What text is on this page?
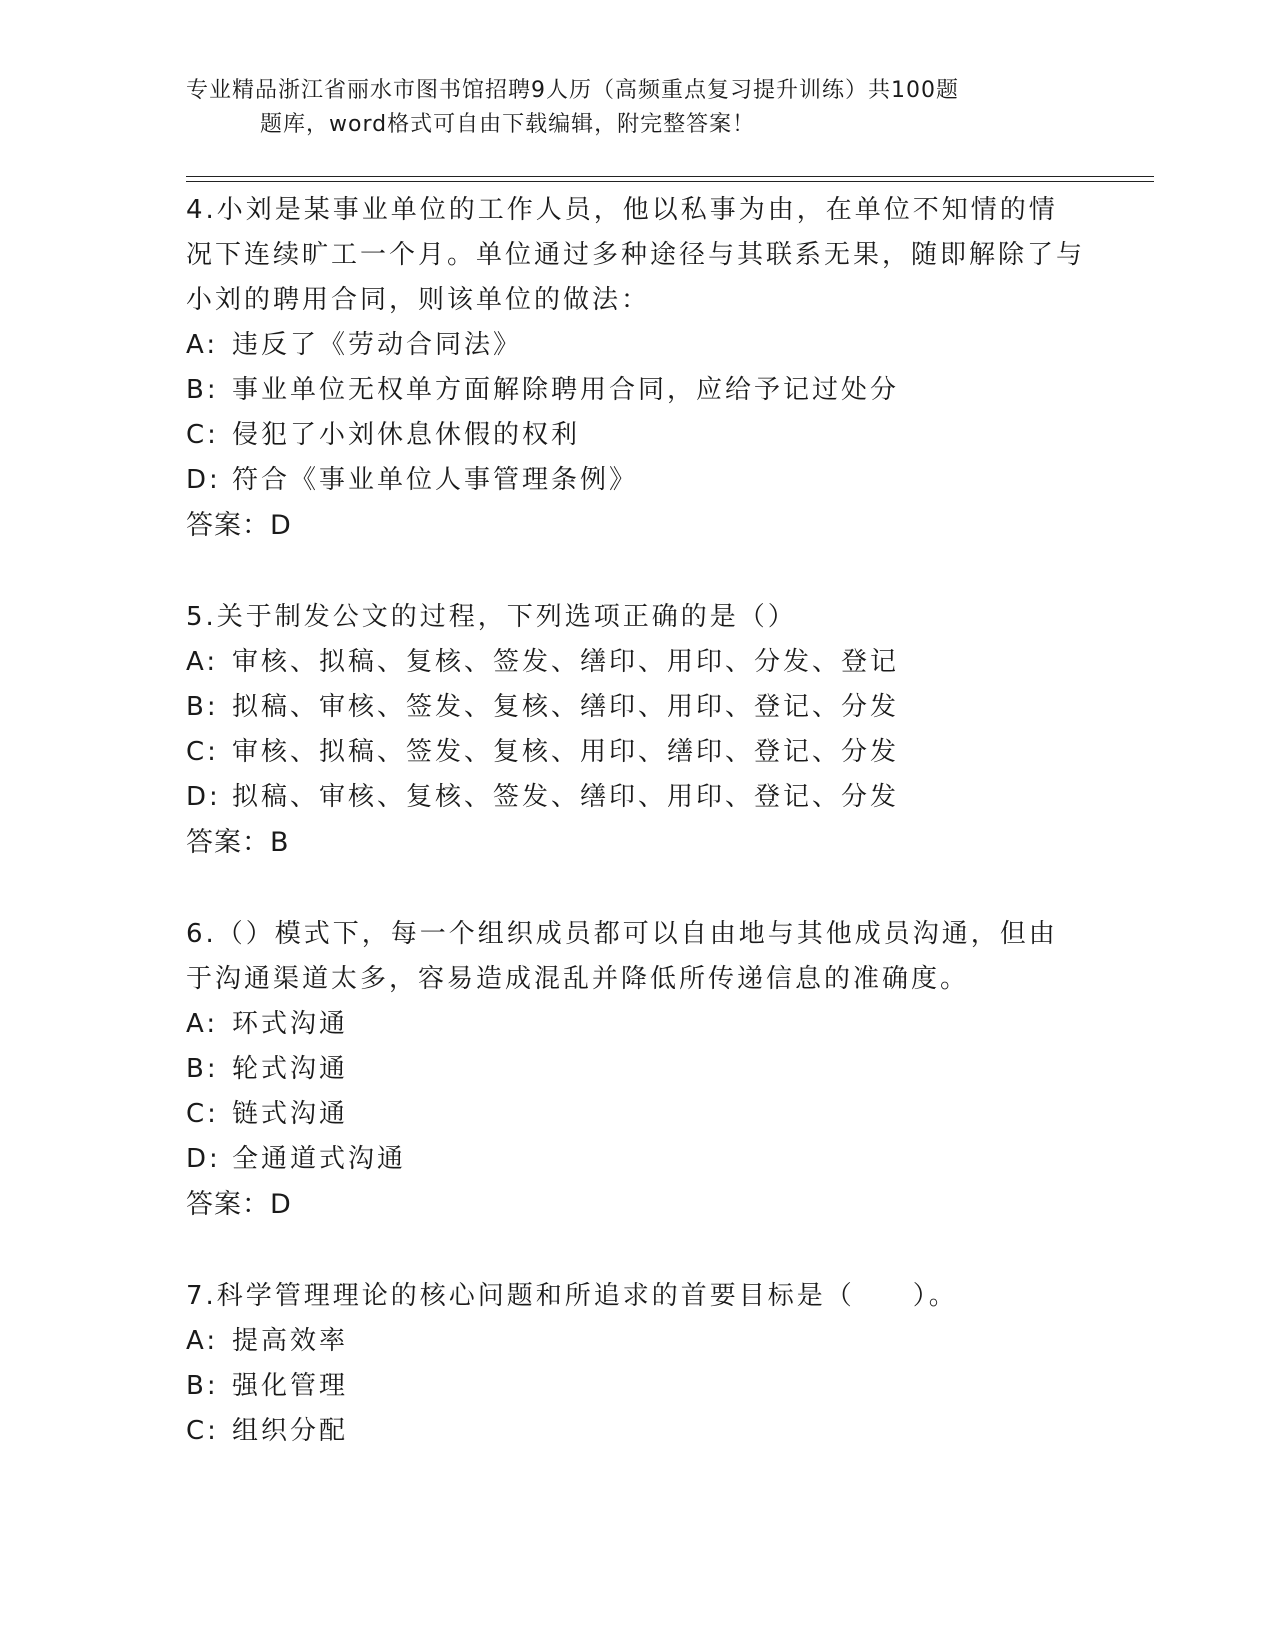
专业精品浙江省丽水市图书馆招聘9人历（高频重点复习提升训练）共100题
题库，word格式可自由下载编辑，附完整答案！
4.小刘是某事业单位的工作人员，他以私事为由，在单位不知情的情况下连续旷工一个月。单位通过多种途径与其联系无果，随即解除了与小刘的聘用合同，则该单位的做法：
A: 违反了《劳动合同法》
B: 事业单位无权单方面解除聘用合同，应给予记过处分
C: 侵犯了小刘休息休假的权利
D: 符合《事业单位人事管理条例》
答案：D
5.关于制发公文的过程，下列选项正确的是（）
A: 审核、拟稿、复核、签发、缮印、用印、分发、登记
B: 拟稿、审核、签发、复核、缮印、用印、登记、分发
C: 审核、拟稿、签发、复核、用印、缮印、登记、分发
D: 拟稿、审核、复核、签发、缮印、用印、登记、分发
答案：B
6.（）模式下，每一个组织成员都可以自由地与其他成员沟通，但由于沟通渠道太多，容易造成混乱并降低所传递信息的准确度。
A: 环式沟通
B: 轮式沟通
C: 链式沟通
D: 全通道式沟通
答案：D
7.科学管理理论的核心问题和所追求的首要目标是（　　）。
A: 提高效率
B: 强化管理
C: 组织分配
